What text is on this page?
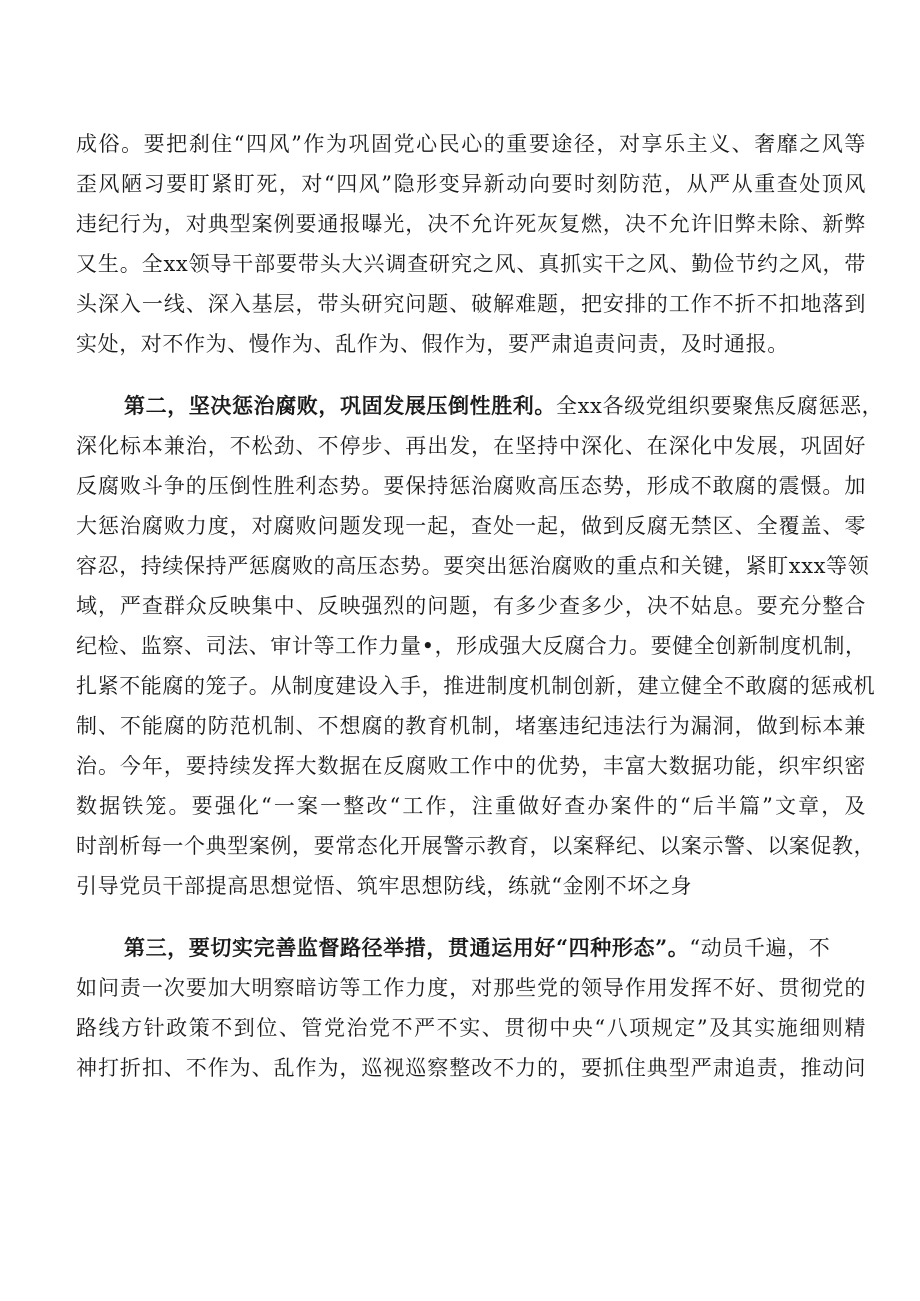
成俗。要把刹住“四风”作为巩固党心民心的重要途径，对享乐主义、奢靡之风等
歪风陋习要盯紧盯死，对“四风”隐形变异新动向要时刻防范，从严从重查处顶风
违纪行为，对典型案例要通报曝光，决不允许死灰复燃，决不允许旧弊未除、新弊
又生。全xx领导干部要带头大兴调查研究之风、真抓实干之风、勤俭节约之风，带
头深入一线、深入基层，带头研究问题、破解难题，把安排的工作不折不扣地落到
实处，对不作为、慢作为、乱作为、假作为，要严肃追责问责，及时通报。
第二，坚决惩治腐败，巩固发展压倒性胜利。全xx各级党组织要聚焦反腐惩恶，
深化标本兼治，不松劲、不停步、再出发，在坚持中深化、在深化中发展，巩固好
反腐败斗争的压倒性胜利态势。要保持惩治腐败高压态势，形成不敢腐的震慑。加
大惩治腐败力度，对腐败问题发现一起，查处一起，做到反腐无禁区、全覆盖、零
容忍，持续保持严惩腐败的高压态势。要突出惩治腐败的重点和关键，紧盯xxx等领
域，严查群众反映集中、反映强烈的问题，有多少查多少，决不姑息。要充分整合
纪检、监察、司法、审计等工作力量•，形成强大反腐合力。要健全创新制度机制，
扎紧不能腐的笼子。从制度建设入手，推进制度机制创新，建立健全不敢腐的惩戒机
制、不能腐的防范机制、不想腐的教育机制，堵塞违纪违法行为漏洞，做到标本兼
治。今年，要持续发挥大数据在反腐败工作中的优势，丰富大数据功能，织牢织密
数据铁笼。要强化“一案一整改“工作，注重做好查办案件的“后半篇”文章，及
时剖析每一个典型案例，要常态化开展警示教育，以案释纪、以案示警、以案促教，
引导党员干部提高思想觉悟、筑牢思想防线，练就“金刚不坏之身
第三，要切实完善监督路径举措，贯通运用好“四种形态”。“动员千遍，不
如问责一次要加大明察暗访等工作力度，对那些党的领导作用发挥不好、贯彻党的
路线方针政策不到位、管党治党不严不实、贯彻中央“八项规定”及其实施细则精
神打折扣、不作为、乱作为，巡视巡察整改不力的，要抓住典型严肃追责，推动问
